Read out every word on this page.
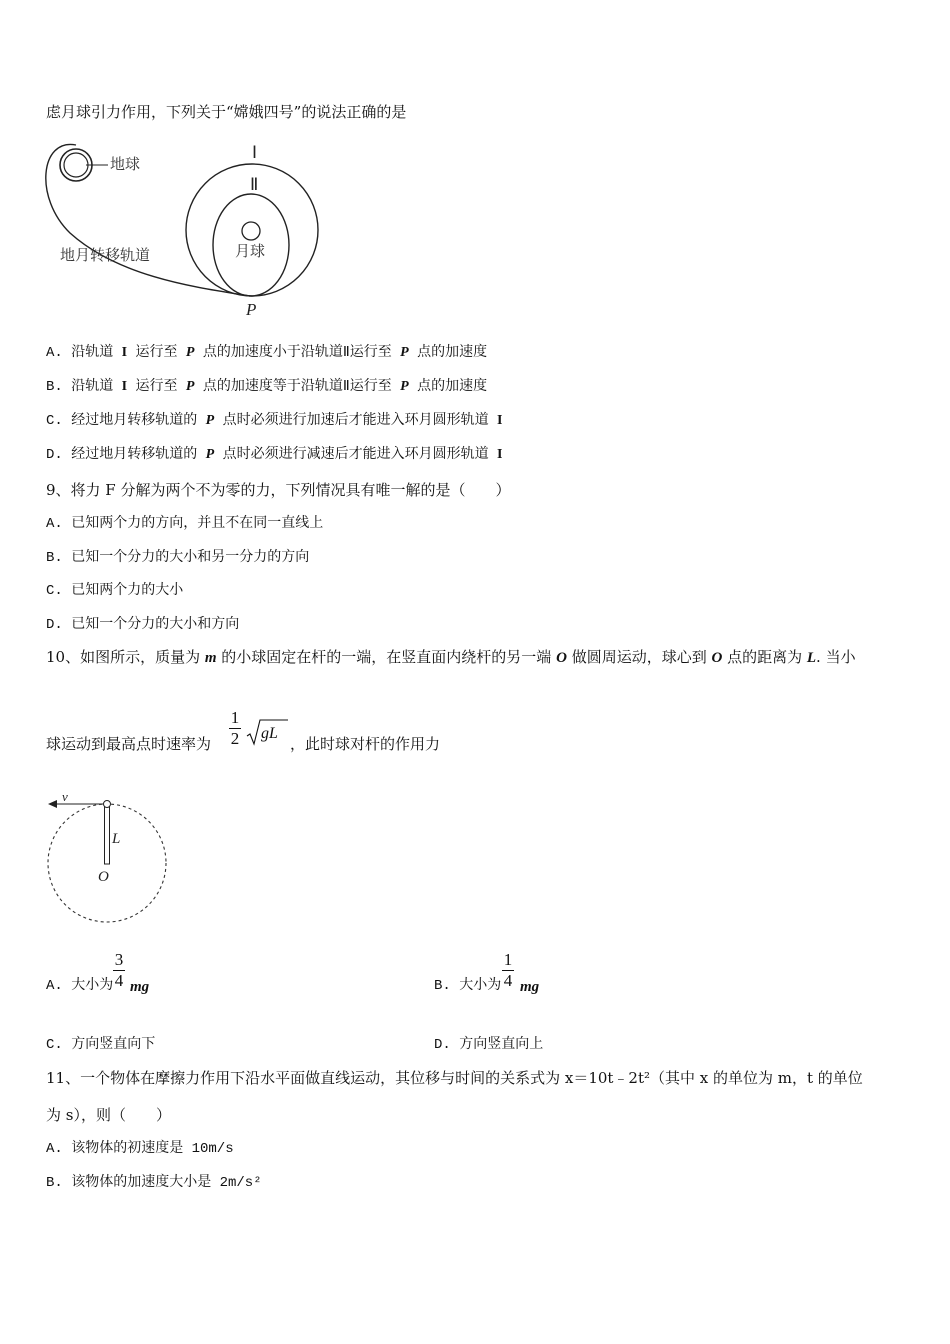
虑月球引力作用，下列关于“嫦娥四号”的说法正确的是
地球
地月转移轨道	月球
Ⅰ
Ⅱ
P
A. 沿轨道 I 运行至 P 点的加速度小于沿轨道Ⅱ运行至 P 点的加速度
B. 沿轨道 I 运行至 P 点的加速度等于沿轨道Ⅱ运行至 P 点的加速度
C. 经过地月转移轨道的 P 点时必须进行加速后才能进入环月圆形轨道 I
D. 经过地月转移轨道的 P 点时必须进行减速后才能进入环月圆形轨道 I
9、将力 F 分解为两个不为零的力，下列情况具有唯一解的是（　　）
A. 已知两个力的方向，并且不在同一直线上
B. 已知一个分力的大小和另一分力的方向
C. 已知两个力的大小
D. 已知一个分力的大小和方向
10、如图所示，质量为 m 的小球固定在杆的一端，在竖直面内绕杆的另一端 O 做圆周运动，球心到 O 点的距离为 L. 当小
球运动到最高点时速率为
1
2 gL
，此时球对杆的作用力
v
L
O
A. 大小为
3
4 mg	B. 大小为
1
4 mg
C. 方向竖直向下	D. 方向竖直向上
11、一个物体在摩擦力作用下沿水平面做直线运动，其位移与时间的关系式为 x＝10t﹣2t²（其中 x 的单位为 m，t 的单位
为 s），则（　　）
A. 该物体的初速度是 10m/s
B. 该物体的加速度大小是 2m/s²
